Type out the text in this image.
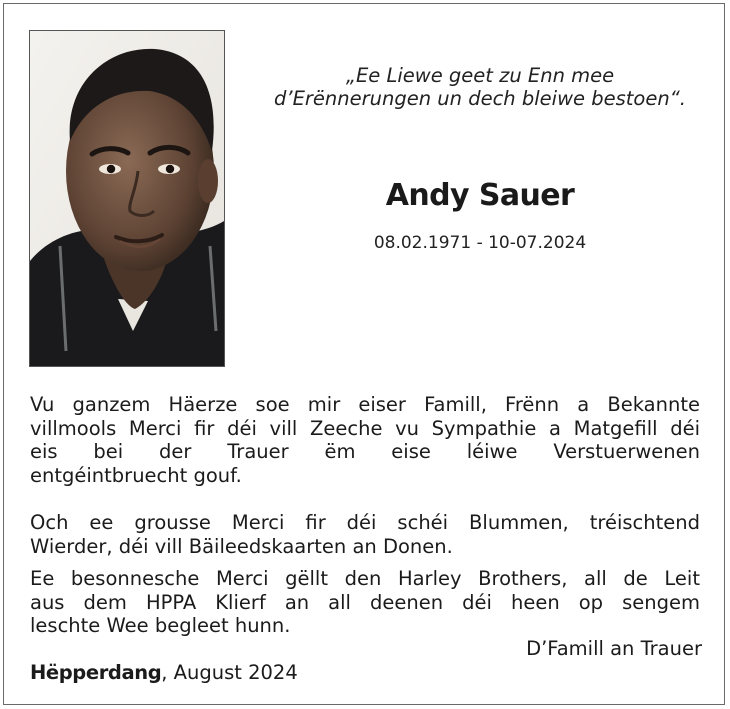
„Ee Liewe geet zu Enn mee
d’Erënnerungen un dech bleiwe bestoen“.
Andy Sauer
08.02.1971 - 10-07.2024
Vu ganzem Häerze soe mir eiser Famill, Frënn a Bekannte
villmools Merci fir déi vill Zeeche vu Sympathie a Matgefill déi
eis bei der Trauer ëm eise léiwe Verstuerwenen
entgéintbruecht gouf.
Och ee grousse Merci fir déi schéi Blummen, tréischtend
Wierder, déi vill Bäileedskaarten an Donen.
Ee besonnesche Merci gëllt den Harley Brothers, all de Leit
aus dem HPPA Klierf an all deenen déi heen op sengem
leschte Wee begleet hunn.
D’Famill an Trauer
Hëpperdang, August 2024
